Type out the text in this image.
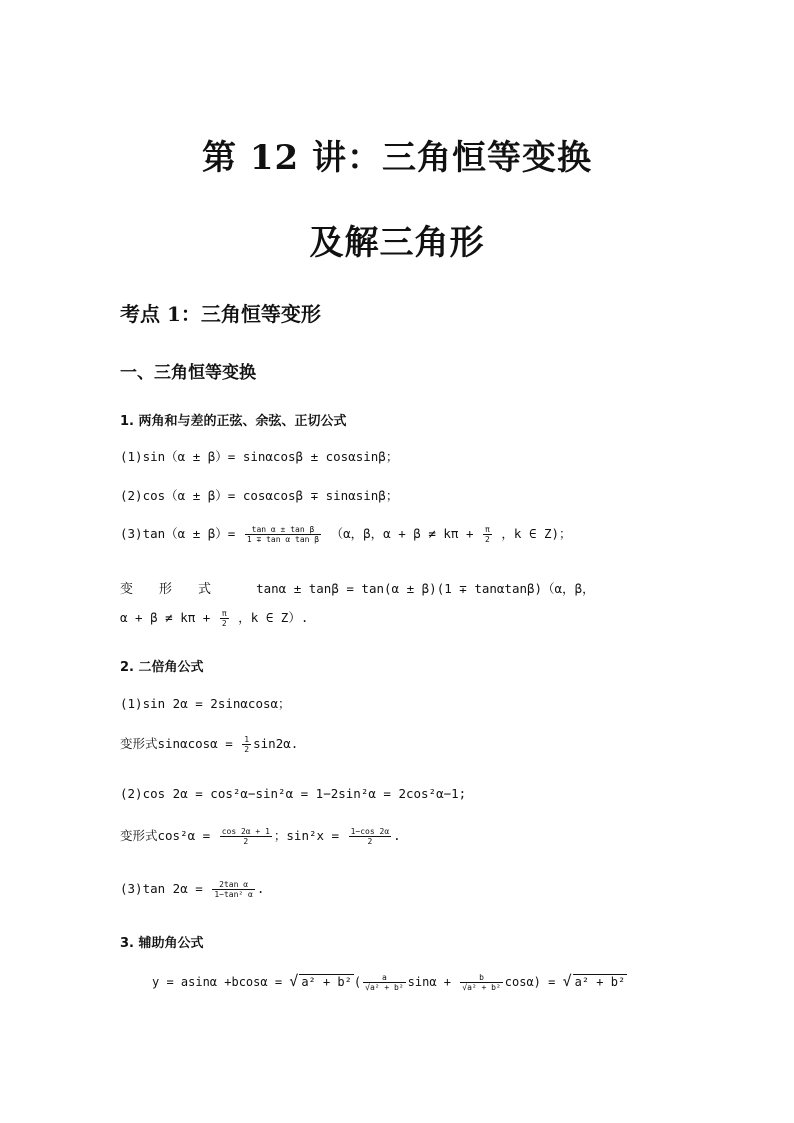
第 12 讲：三角恒等变换
及解三角形
考点 1：三角恒等变形
一、三角恒等变换
1. 两角和与差的正弦、余弦、正切公式
(1)sin（α ± β）= sinαcosβ ± cosαsinβ；
(2)cos（α ± β）= cosαcosβ ∓ sinαsinβ；
$(3)\tan(\alpha \pm \beta)= \frac{\text{tan α ± tan β}}{\text{1 ∓ tan α tan β}} (\alpha$，β，$\alpha + \beta \ne k\pi + \frac{\pi}{2}$ ，k ∈ Z)；
变　　形　　式	tanα ± tanβ = tan(α ± β)(1 ∓ tanαtanβ)（α，β，
$\alpha + \beta \ne k\pi + \frac{\pi}{2}$ ，k ∈ Z）.
2. 二倍角公式
(1)sin 2α = 2sinαcosα；
变形式$\sin\alpha\cos\alpha = \frac{1}{2} \sin 2\alpha$.
(2)cos 2α = cos²α−sin²α = 1−2sin²α = 2cos²α−1;
变形式$\cos^2\alpha = \frac{\cos 2\alpha + 1}{2}$ ；$\sin^2x = \frac{1-\cos 2\alpha}{2}$ .
(3)tan $2\alpha = \frac{\text{2tan α}}{\text{1−tan² α}}$ .
3. 辅助角公式
y = asinα +bcosα = √ a² + b² ( $\frac{a}{\text{√a² + b²}}$ $\sin\alpha + \frac{b}{\text{√a² + b²}} \cos\alpha$) = √ a² + b²
